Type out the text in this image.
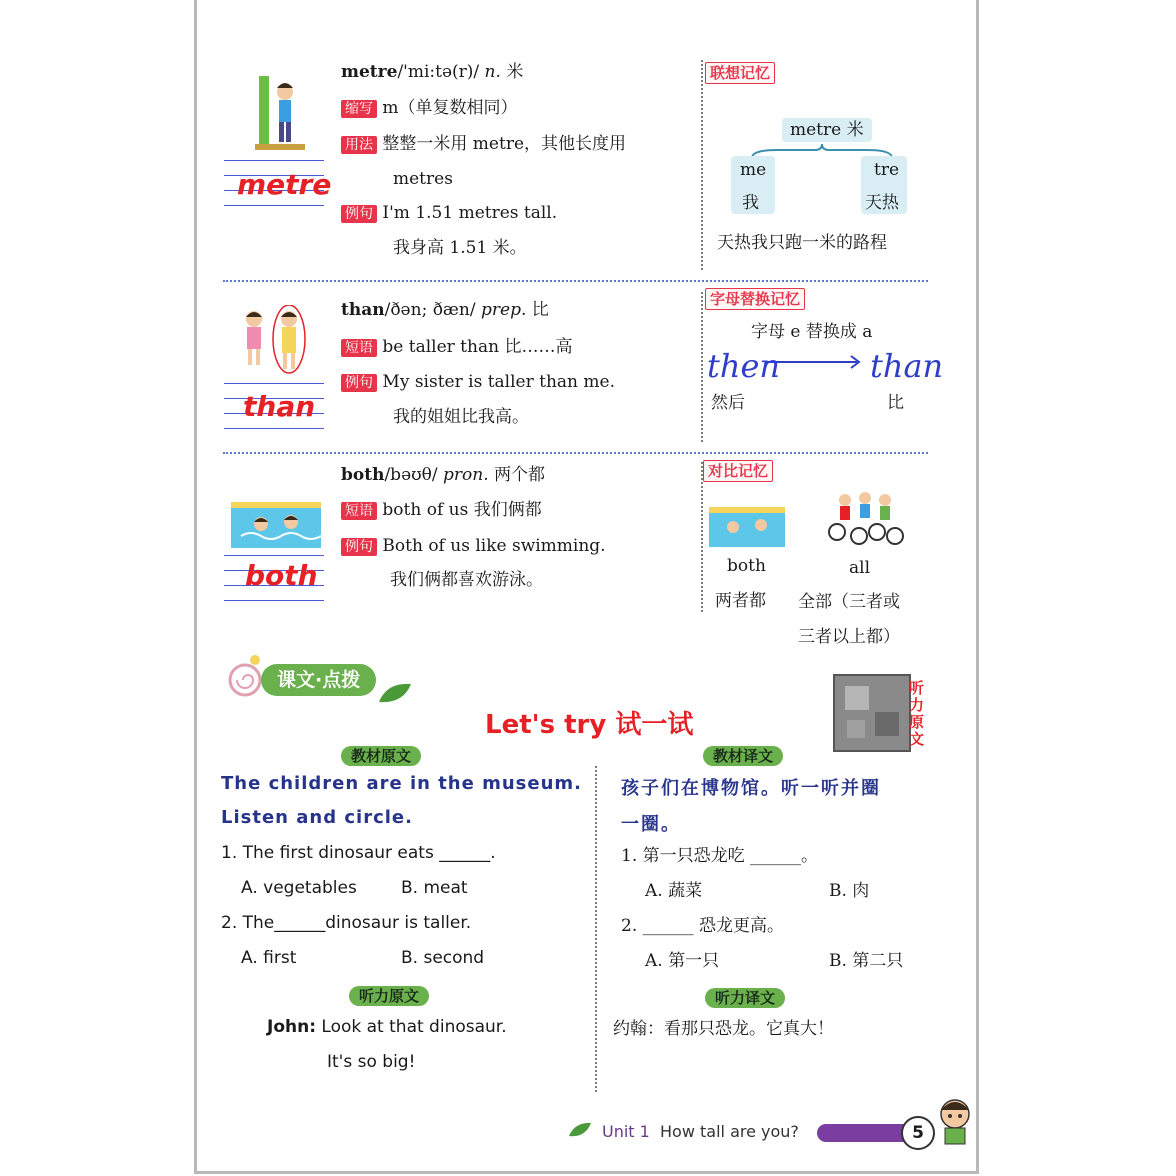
metre
metre/'mi:tə(r)/ n. 米
缩写 m（单复数相同）
用法 整整一米用 metre，其他长度用
metres
例句 I'm 1.51 metres tall.
我身高 1.51 米。
联想记忆
metre 米
me
我
tre
天热
天热我只跑一米的路程
than
than/ðən; ðæn/ prep. 比
短语 be taller than 比……高
例句 My sister is taller than me.
我的姐姐比我高。
字母替换记忆
字母 e 替换成 a
then	than
然后	比
both
both/bəʊθ/ pron. 两个都
短语 both of us 我们俩都
例句 Both of us like swimming.
我们俩都喜欢游泳。
对比记忆
both	all
两者都 全部（三者或
三者以上都）
课文·点拨
Let's try 试一试
听力原文
教材原文
The children are in the museum.
Listen and circle.
1. The first dinosaur eats ______.
A. vegetables	B. meat
2. The______dinosaur is taller.
A. first	B. second
听力原文
John: Look at that dinosaur.
It's so big!
教材译文
孩子们在博物馆。听一听并圈
一圈。
1. 第一只恐龙吃 ______。
A. 蔬菜	B. 肉
2. ______ 恐龙更高。
A. 第一只	B. 第二只
听力译文
约翰：看那只恐龙。它真大！
Unit 1 How tall are you?	5
